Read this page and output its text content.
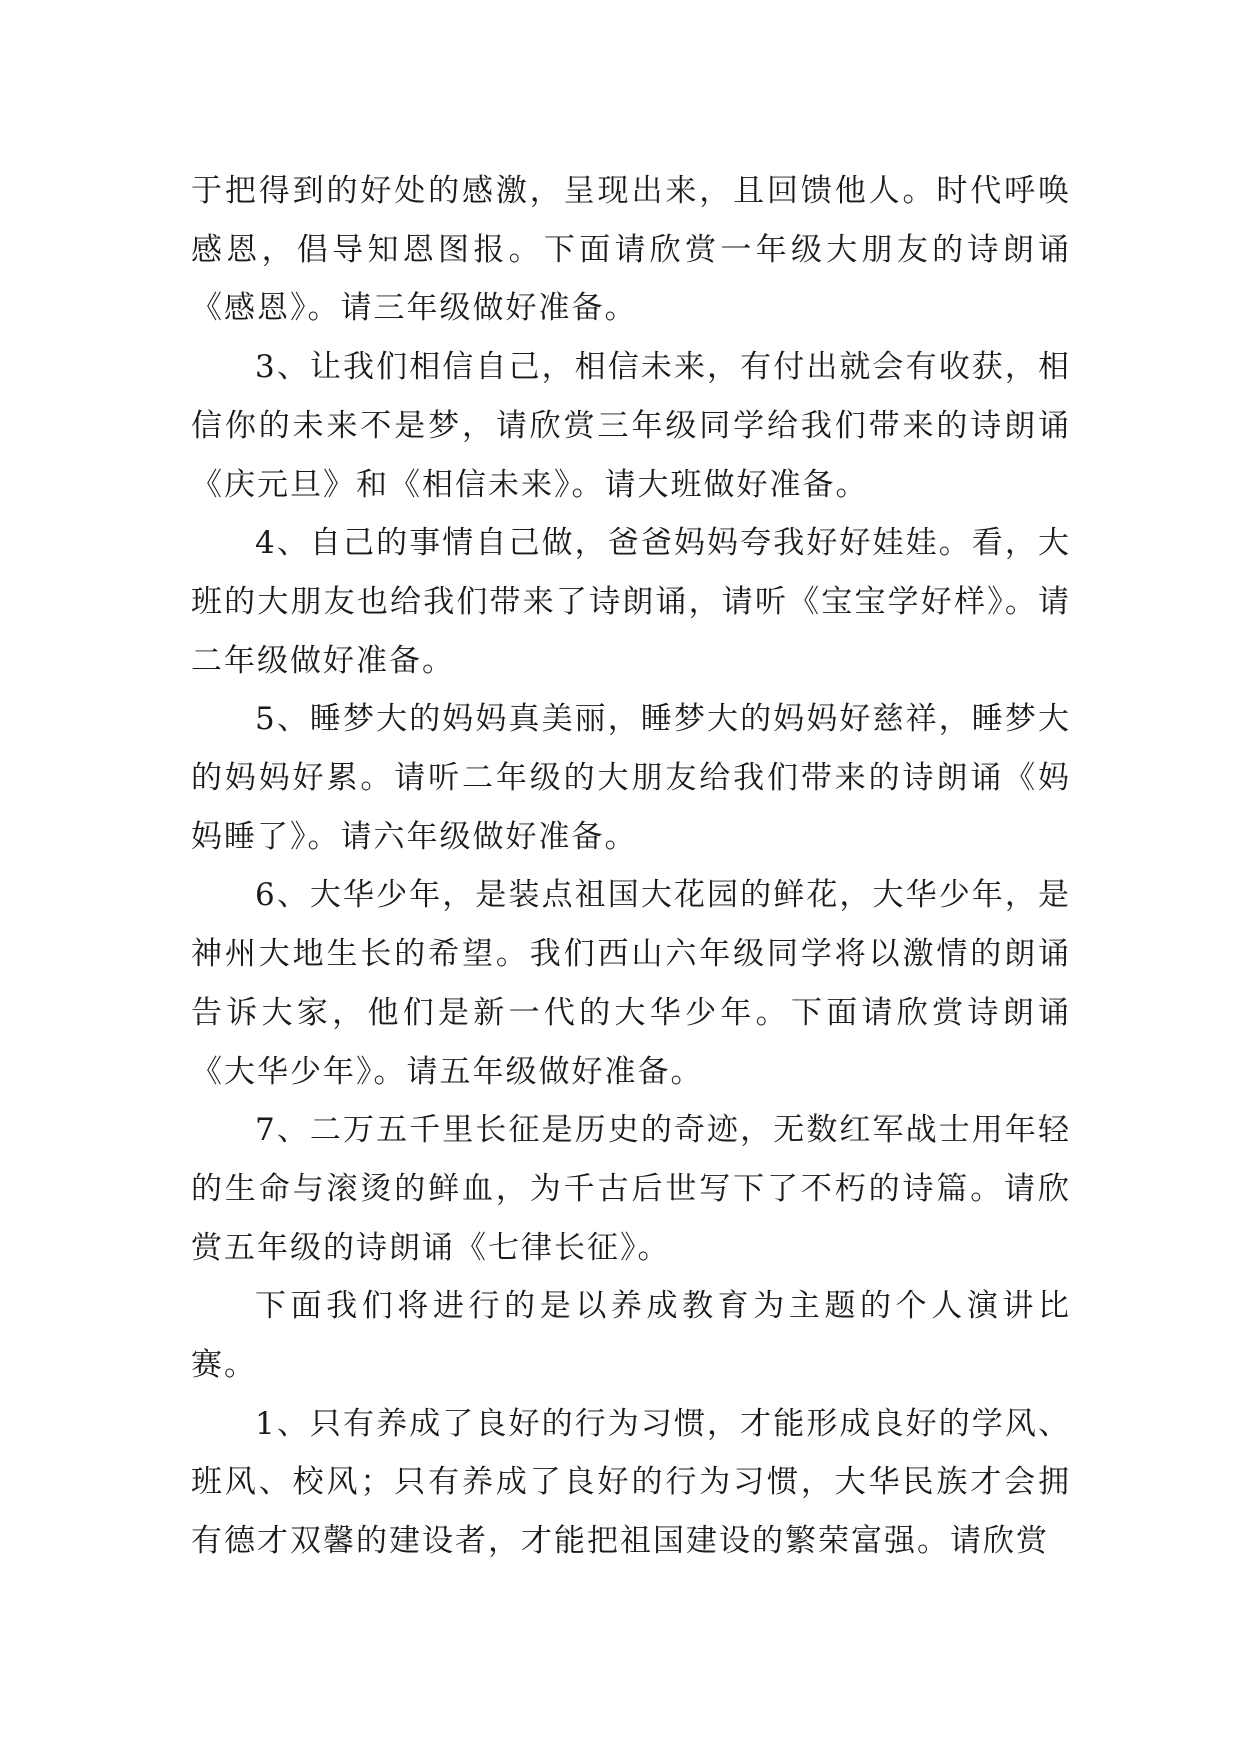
于把得到的好处的感激，呈现出来，且回馈他人。时代呼唤感恩，倡导知恩图报。下面请欣赏一年级大朋友的诗朗诵《感恩》。请三年级做好准备。

3、让我们相信自己，相信未来，有付出就会有收获，相信你的未来不是梦，请欣赏三年级同学给我们带来的诗朗诵《庆元旦》和《相信未来》。请大班做好准备。

4、自己的事情自己做，爸爸妈妈夸我好好娃娃。看，大班的大朋友也给我们带来了诗朗诵，请听《宝宝学好样》。请二年级做好准备。

5、睡梦大的妈妈真美丽，睡梦大的妈妈好慈祥，睡梦大的妈妈好累。请听二年级的大朋友给我们带来的诗朗诵《妈妈睡了》。请六年级做好准备。

6、大华少年，是装点祖国大花园的鲜花，大华少年，是神州大地生长的希望。我们西山六年级同学将以激情的朗诵告诉大家，他们是新一代的大华少年。下面请欣赏诗朗诵《大华少年》。请五年级做好准备。

7、二万五千里长征是历史的奇迹，无数红军战士用年轻的生命与滚烫的鲜血，为千古后世写下了不朽的诗篇。请欣赏五年级的诗朗诵《七律长征》。

下面我们将进行的是以养成教育为主题的个人演讲比赛。

1、只有养成了良好的行为习惯，才能形成良好的学风、班风、校风；只有养成了良好的行为习惯，大华民族才会拥有德才双馨的建设者，才能把祖国建设的繁荣富强。请欣赏
